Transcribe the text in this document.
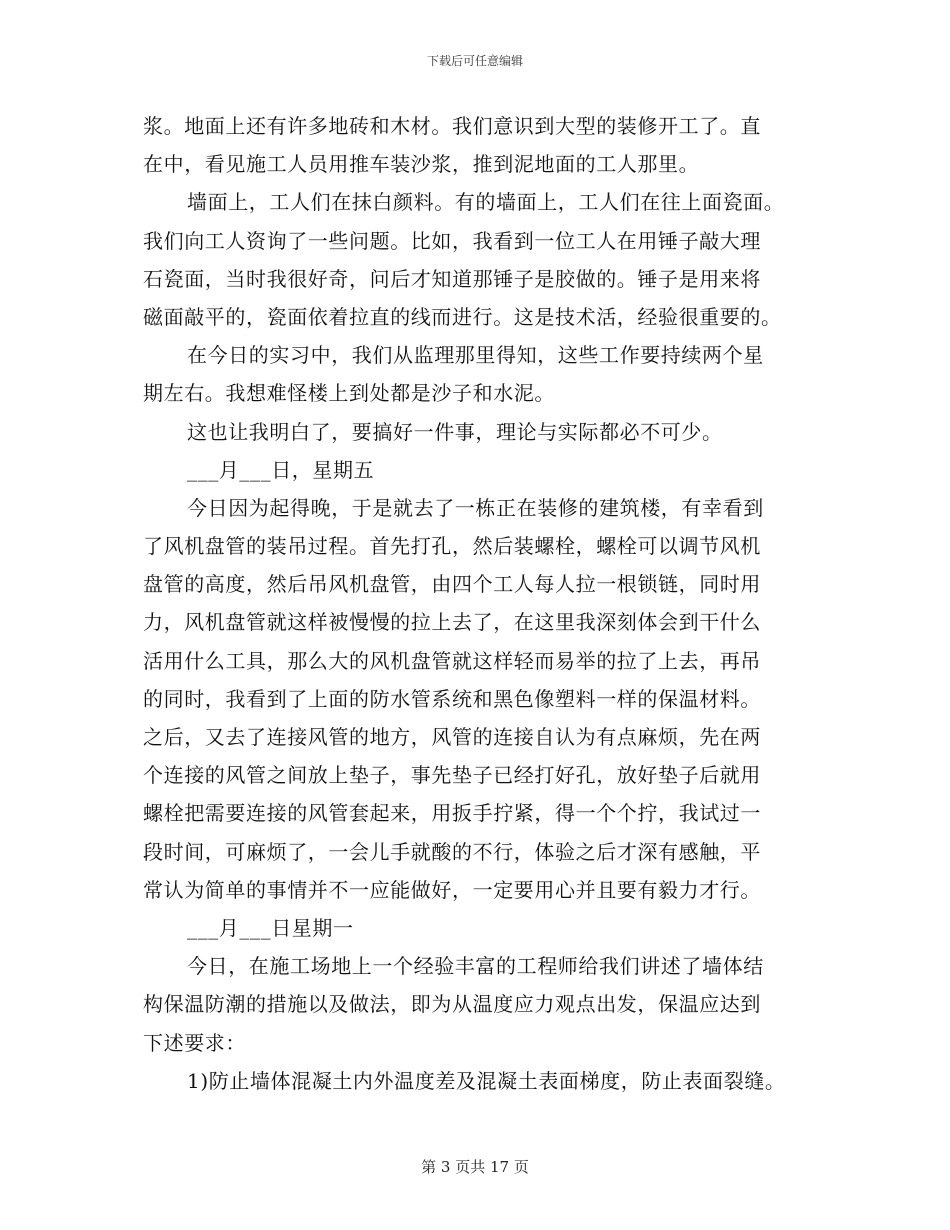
下载后可任意编辑
浆。地面上还有许多地砖和木材。我们意识到大型的装修开工了。直
在中，看见施工人员用推车装沙浆，推到泥地面的工人那里。
墙面上，工人们在抹白颜料。有的墙面上，工人们在往上面瓷面。
我们向工人资询了一些问题。比如，我看到一位工人在用锤子敲大理
石瓷面，当时我很好奇，问后才知道那锤子是胶做的。锤子是用来将
磁面敲平的，瓷面依着拉直的线而进行。这是技术活，经验很重要的。
在今日的实习中，我们从监理那里得知，这些工作要持续两个星
期左右。我想难怪楼上到处都是沙子和水泥。
这也让我明白了，要搞好一件事，理论与实际都必不可少。
___月___日，星期五
今日因为起得晚，于是就去了一栋正在装修的建筑楼，有幸看到
了风机盘管的装吊过程。首先打孔，然后装螺栓，螺栓可以调节风机
盘管的高度，然后吊风机盘管，由四个工人每人拉一根锁链，同时用
力，风机盘管就这样被慢慢的拉上去了，在这里我深刻体会到干什么
活用什么工具，那么大的风机盘管就这样轻而易举的拉了上去，再吊
的同时，我看到了上面的防水管系统和黑色像塑料一样的保温材料。
之后，又去了连接风管的地方，风管的连接自认为有点麻烦，先在两
个连接的风管之间放上垫子，事先垫子已经打好孔，放好垫子后就用
螺栓把需要连接的风管套起来，用扳手拧紧，得一个个拧，我试过一
段时间，可麻烦了，一会儿手就酸的不行，体验之后才深有感触，平
常认为简单的事情并不一应能做好，一定要用心并且要有毅力才行。
___月___日星期一
今日，在施工场地上一个经验丰富的工程师给我们讲述了墙体结
构保温防潮的措施以及做法，即为从温度应力观点出发，保温应达到
下述要求：
1)防止墙体混凝土内外温度差及混凝土表面梯度，防止表面裂缝。
第 3 页共 17 页
